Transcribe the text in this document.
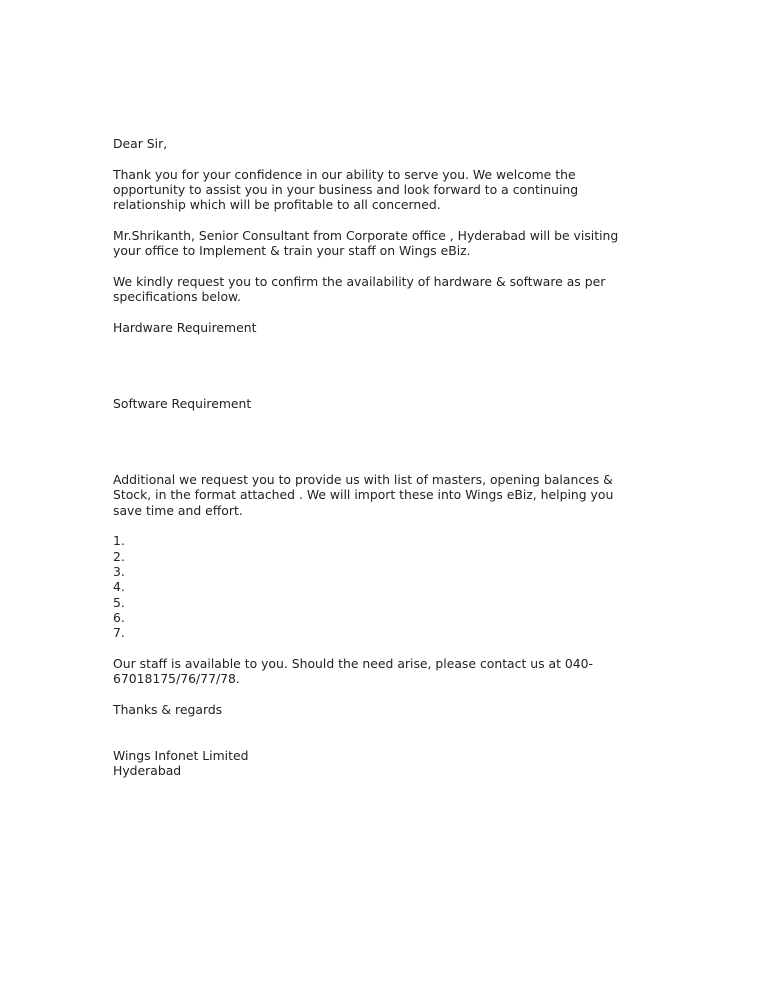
Dear Sir,

Thank you for your confidence in our ability to serve you. We welcome the opportunity to assist you in your business and look forward to a continuing relationship which will be profitable to all concerned.

Mr.Shrikanth, Senior Consultant from Corporate office , Hyderabad will be visiting your office to Implement & train your staff on Wings eBiz.

We kindly request you to confirm the availability of hardware & software as per specifications below.

Hardware Requirement

Software Requirement

Additional we request you to provide us with list of masters, opening balances & Stock, in the format attached . We will import these into Wings eBiz, helping you save time and effort.

1.
2.
3.
4.
5.
6.
7.

Our staff is available to you. Should the need arise, please contact us at 040-67018175/76/77/78.

Thanks & regards

Wings Infonet Limited

Hyderabad
